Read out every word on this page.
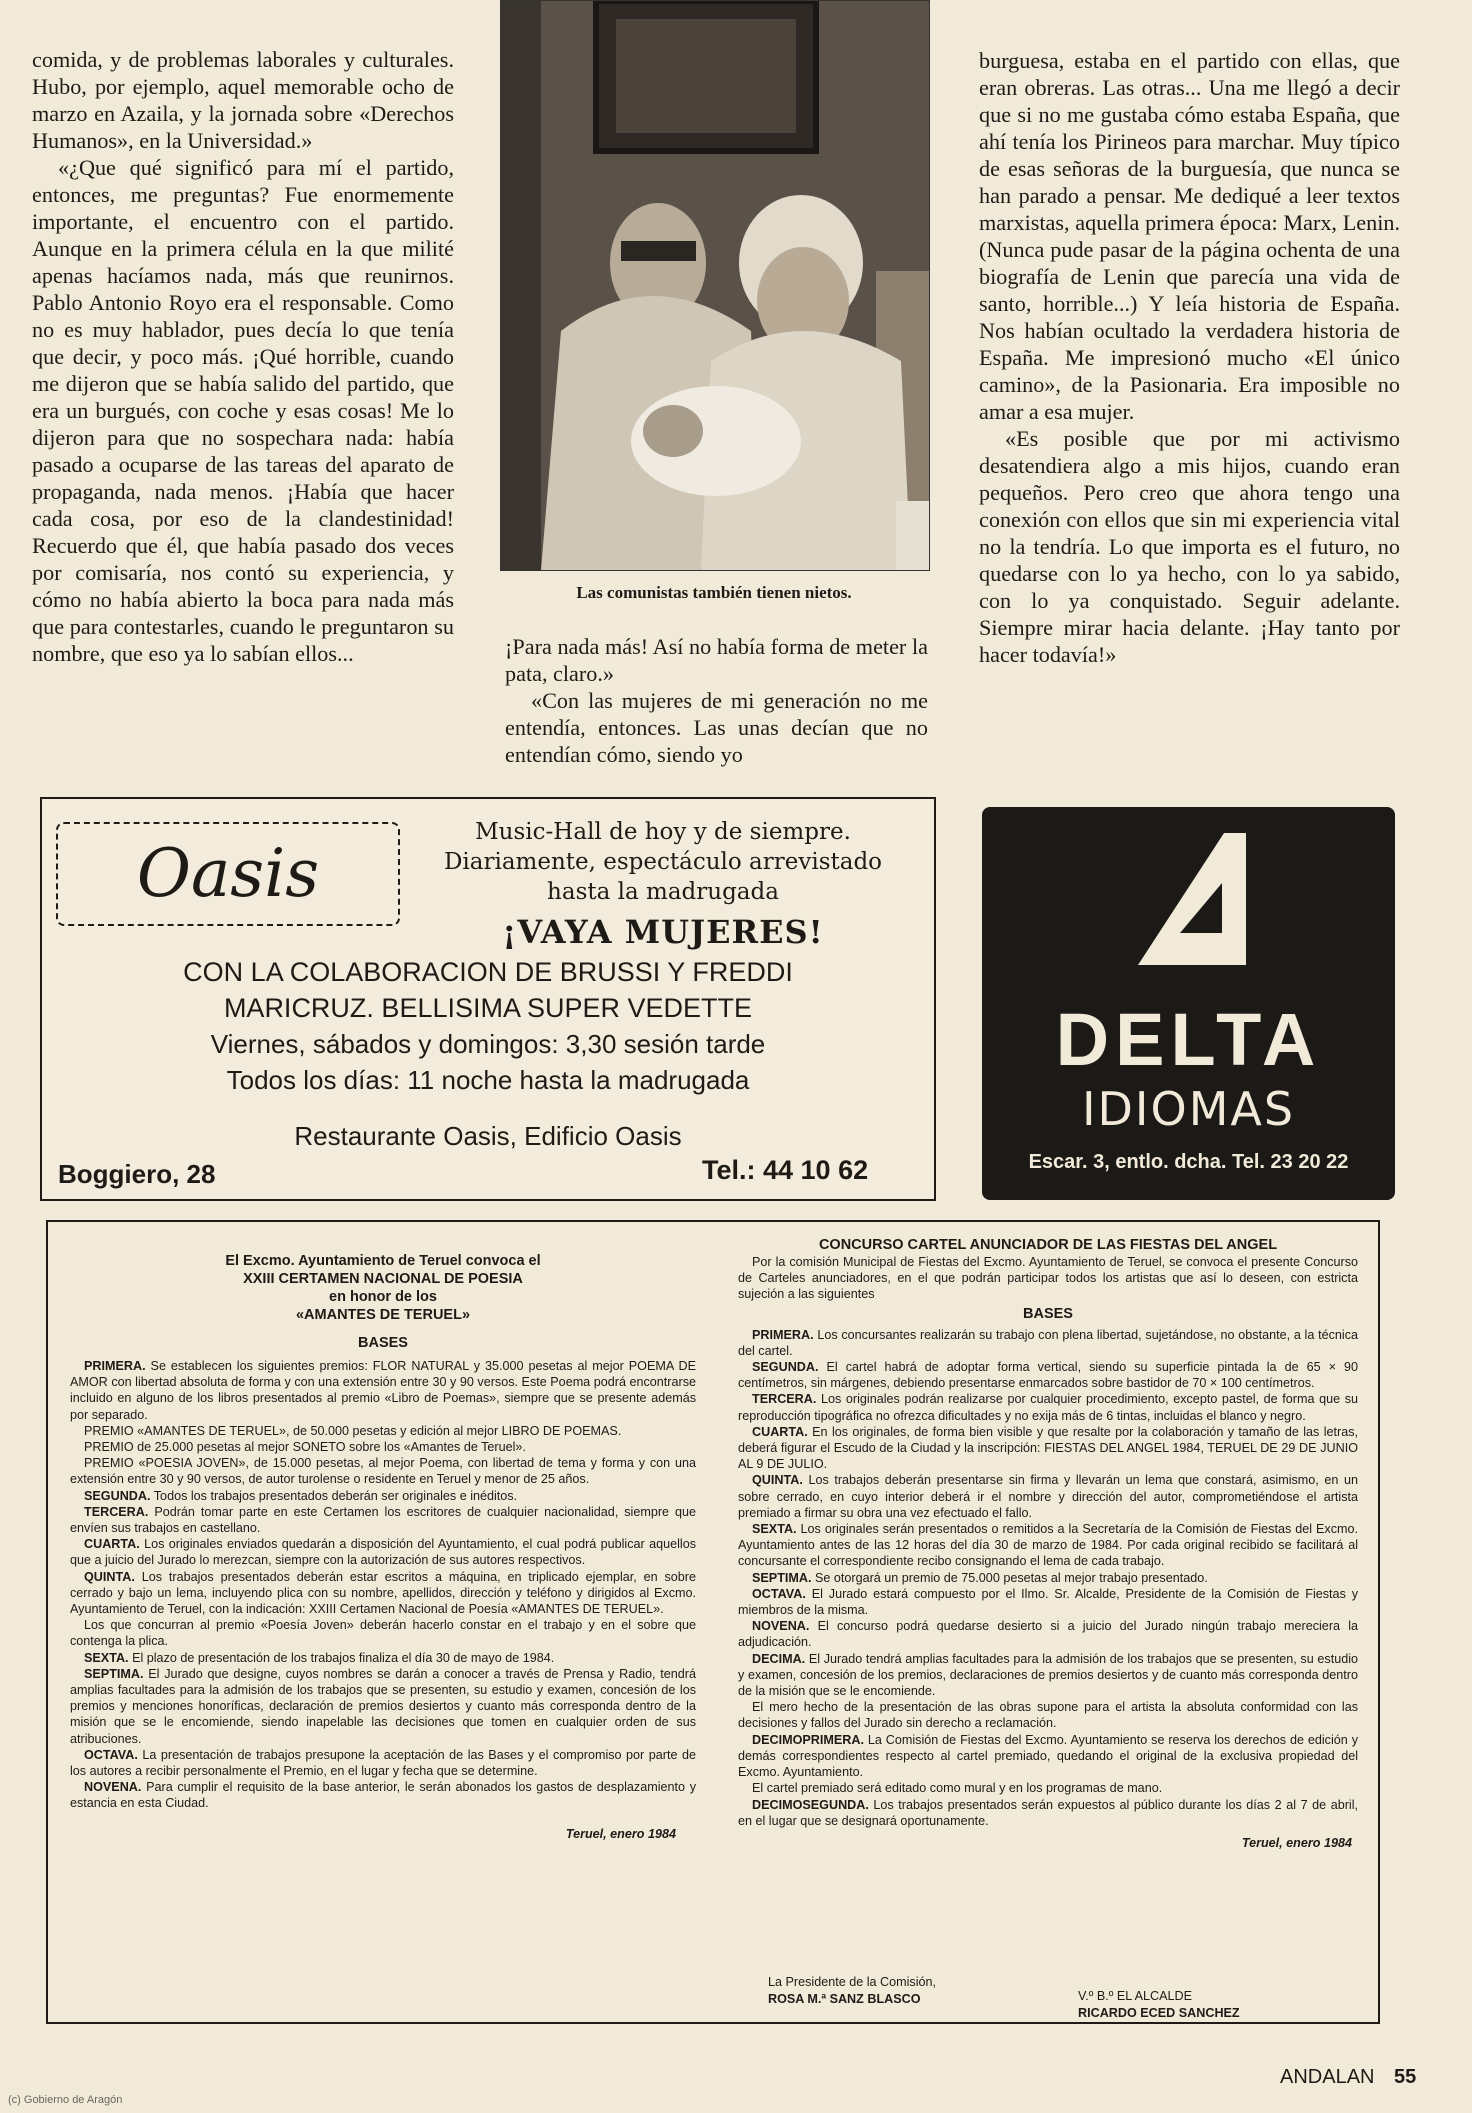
comida, y de problemas laborales y culturales. Hubo, por ejemplo, aquel memorable ocho de marzo en Azaila, y la jornada sobre «Derechos Humanos», en la Universidad.»

«¿Que qué significó para mí el partido, entonces, me preguntas? Fue enormemente importante, el encuentro con el partido. Aunque en la primera célula en la que milité apenas hacíamos nada, más que reunirnos. Pablo Antonio Royo era el responsable. Como no es muy hablador, pues decía lo que tenía que decir, y poco más. ¡Qué horrible, cuando me dijeron que se había salido del partido, que era un burgués, con coche y esas cosas! Me lo dijeron para que no sospechara nada: había pasado a ocuparse de las tareas del aparato de propaganda, nada menos. ¡Había que hacer cada cosa, por eso de la clandestinidad! Recuerdo que él, que había pasado dos veces por comisaría, nos contó su experiencia, y cómo no había abierto la boca para nada más que para contestarles, cuando le preguntaron su nombre, que eso ya lo sabían ellos...

Las comunistas también tienen nietos.

¡Para nada más! Así no había forma de meter la pata, claro.»

«Con las mujeres de mi generación no me entendía, entonces. Las unas decían que no entendían cómo, siendo yo

burguesa, estaba en el partido con ellas, que eran obreras. Las otras... Una me llegó a decir que si no me gustaba cómo estaba España, que ahí tenía los Pirineos para marchar. Muy típico de esas señoras de la burguesía, que nunca se han parado a pensar. Me dediqué a leer textos marxistas, aquella primera época: Marx, Lenin. (Nunca pude pasar de la página ochenta de una biografía de Lenin que parecía una vida de santo, horrible...) Y leía historia de España. Nos habían ocultado la verdadera historia de España. Me impresionó mucho «El único camino», de la Pasionaria. Era imposible no amar a esa mujer.

«Es posible que por mi activismo desatendiera algo a mis hijos, cuando eran pequeños. Pero creo que ahora tengo una conexión con ellos que sin mi experiencia vital no la tendría. Lo que importa es el futuro, no quedarse con lo ya hecho, con lo ya sabido, con lo ya conquistado. Seguir adelante. Siempre mirar hacia delante. ¡Hay tanto por hacer todavía!»

Oasis
Music-Hall de hoy y de siempre.
Diariamente, espectáculo arrevistado
hasta la madrugada
¡VAYA MUJERES!
CON LA COLABORACION DE BRUSSI Y FREDDI
MARICRUZ. BELLISIMA SUPER VEDETTE
Viernes, sábados y domingos: 3,30 sesión tarde
Todos los días: 11 noche hasta la madrugada
Restaurante Oasis, Edificio Oasis
Boggiero, 28	Tel.: 44 10 62
DELTA
IDIOMAS
Escar. 3, entlo. dcha. Tel. 23 20 22
El Excmo. Ayuntamiento de Teruel convoca el
XXIII CERTAMEN NACIONAL DE POESIA
en honor de los
«AMANTES DE TERUEL»
BASES

PRIMERA. Se establecen los siguientes premios: FLOR NATURAL y 35.000 pesetas al mejor POEMA DE AMOR con libertad absoluta de forma y con una extensión entre 30 y 90 versos. Este Poema podrá encontrarse incluido en alguno de los libros presentados al premio «Libro de Poemas», siempre que se presente además por separado.

PREMIO «AMANTES DE TERUEL», de 50.000 pesetas y edición al mejor LIBRO DE POEMAS.

PREMIO de 25.000 pesetas al mejor SONETO sobre los «Amantes de Teruel».

PREMIO «POESIA JOVEN», de 15.000 pesetas, al mejor Poema, con libertad de tema y forma y con una extensión entre 30 y 90 versos, de autor turolense o residente en Teruel y menor de 25 años.

SEGUNDA. Todos los trabajos presentados deberán ser originales e inéditos.

TERCERA. Podrán tomar parte en este Certamen los escritores de cualquier nacionalidad, siempre que envíen sus trabajos en castellano.

CUARTA. Los originales enviados quedarán a disposición del Ayuntamiento, el cual podrá publicar aquellos que a juicio del Jurado lo merezcan, siempre con la autorización de sus autores respectivos.

QUINTA. Los trabajos presentados deberán estar escritos a máquina, en triplicado ejemplar, en sobre cerrado y bajo un lema, incluyendo plica con su nombre, apellidos, dirección y teléfono y dirigidos al Excmo. Ayuntamiento de Teruel, con la indicación: XXIII Certamen Nacional de Poesía «AMANTES DE TERUEL».

Los que concurran al premio «Poesía Joven» deberán hacerlo constar en el trabajo y en el sobre que contenga la plica.

SEXTA. El plazo de presentación de los trabajos finaliza el día 30 de mayo de 1984.

SEPTIMA. El Jurado que designe, cuyos nombres se darán a conocer a través de Prensa y Radio, tendrá amplias facultades para la admisión de los trabajos que se presenten, su estudio y examen, concesión de los premios y menciones honoríficas, declaración de premios desiertos y cuanto más corresponda dentro de la misión que se le encomiende, siendo inapelable las decisiones que tomen en cualquier orden de sus atribuciones.

OCTAVA. La presentación de trabajos presupone la aceptación de las Bases y el compromiso por parte de los autores a recibir personalmente el Premio, en el lugar y fecha que se determine.

NOVENA. Para cumplir el requisito de la base anterior, le serán abonados los gastos de desplazamiento y estancia en esta Ciudad.

Teruel, enero 1984
CONCURSO CARTEL ANUNCIADOR DE LAS FIESTAS DEL ANGEL

Por la comisión Municipal de Fiestas del Excmo. Ayuntamiento de Teruel, se convoca el presente Concurso de Carteles anunciadores, en el que podrán participar todos los artistas que así lo deseen, con estricta sujeción a las siguientes

BASES

PRIMERA. Los concursantes realizarán su trabajo con plena libertad, sujetándose, no obstante, a la técnica del cartel.

SEGUNDA. El cartel habrá de adoptar forma vertical, siendo su superficie pintada la de 65 × 90 centímetros, sin márgenes, debiendo presentarse enmarcados sobre bastidor de 70 × 100 centímetros.

TERCERA. Los originales podrán realizarse por cualquier procedimiento, excepto pastel, de forma que su reproducción tipográfica no ofrezca dificultades y no exija más de 6 tintas, incluidas el blanco y negro.

CUARTA. En los originales, de forma bien visible y que resalte por la colaboración y tamaño de las letras, deberá figurar el Escudo de la Ciudad y la inscripción: FIESTAS DEL ANGEL 1984, TERUEL DE 29 DE JUNIO AL 9 DE JULIO.

QUINTA. Los trabajos deberán presentarse sin firma y llevarán un lema que constará, asimismo, en un sobre cerrado, en cuyo interior deberá ir el nombre y dirección del autor, comprometiéndose el artista premiado a firmar su obra una vez efectuado el fallo.

SEXTA. Los originales serán presentados o remitidos a la Secretaría de la Comisión de Fiestas del Excmo. Ayuntamiento antes de las 12 horas del día 30 de marzo de 1984. Por cada original recibido se facilitará al concursante el correspondiente recibo consignando el lema de cada trabajo.

SEPTIMA. Se otorgará un premio de 75.000 pesetas al mejor trabajo presentado.

OCTAVA. El Jurado estará compuesto por el Ilmo. Sr. Alcalde, Presidente de la Comisión de Fiestas y miembros de la misma.

NOVENA. El concurso podrá quedarse desierto si a juicio del Jurado ningún trabajo mereciera la adjudicación.

DECIMA. El Jurado tendrá amplias facultades para la admisión de los trabajos que se presenten, su estudio y examen, concesión de los premios, declaraciones de premios desiertos y de cuanto más corresponda dentro de la misión que se le encomiende.

El mero hecho de la presentación de las obras supone para el artista la absoluta conformidad con las decisiones y fallos del Jurado sin derecho a reclamación.

DECIMOPRIMERA. La Comisión de Fiestas del Excmo. Ayuntamiento se reserva los derechos de edición y demás correspondientes respecto al cartel premiado, quedando el original de la exclusiva propiedad del Excmo. Ayuntamiento.

El cartel premiado será editado como mural y en los programas de mano.

DECIMOSEGUNDA. Los trabajos presentados serán expuestos al público durante los días 2 al 7 de abril, en el lugar que se designará oportunamente.

Teruel, enero 1984
La Presidente de la Comisión,
ROSA M.ª SANZ BLASCO	V.º B.º EL ALCALDE
RICARDO ECED SANCHEZ
ANDALAN 55
(c) Gobierno de Aragón
